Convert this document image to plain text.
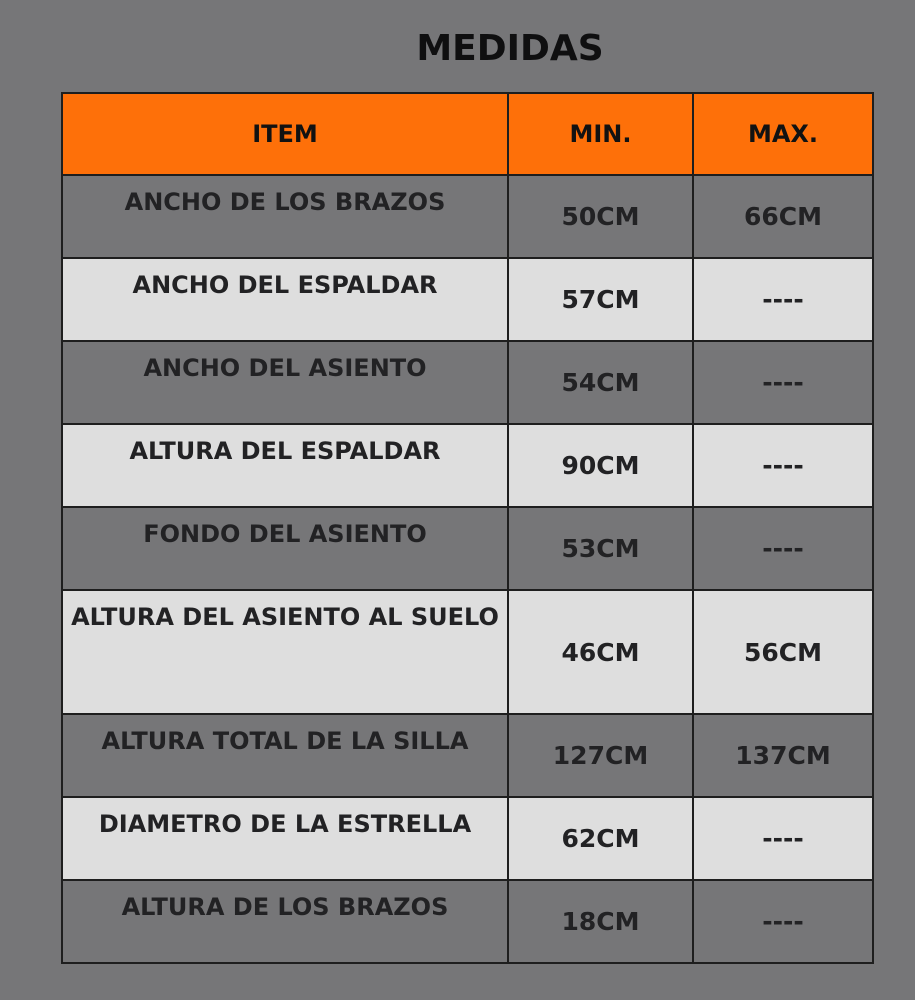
MEDIDAS
ITEM	MIN.	MAX.
ANCHO DE LOS BRAZOS	50CM	66CM
ANCHO DEL ESPALDAR	57CM	----
ANCHO DEL ASIENTO	54CM	----
ALTURA DEL ESPALDAR	90CM	----
FONDO DEL ASIENTO	53CM	----
ALTURA DEL ASIENTO AL SUELO	46CM	56CM
ALTURA TOTAL DE LA SILLA	127CM	137CM
DIAMETRO DE LA ESTRELLA	62CM	----
ALTURA DE LOS BRAZOS	18CM	----
